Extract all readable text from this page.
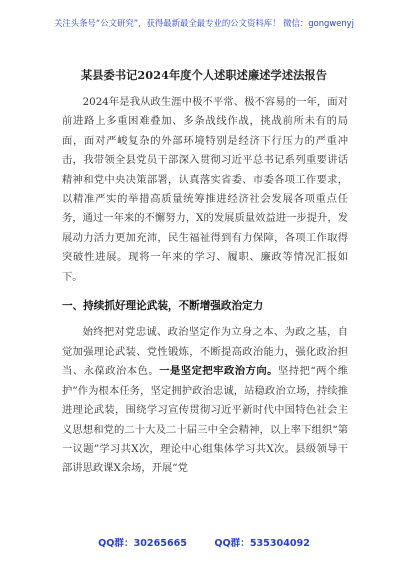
关注头条号“公文研究”，获得最新最全最专业的公文资料库！ 微信：gongwenyj
某县委书记2024年度个人述职述廉述学述法报告

2024年是我从政生涯中极不平常、极不容易的一年，面对前进路上多重困难叠加、多条战线作战，挑战前所未有的局面，面对严峻复杂的外部环境特别是经济下行压力的严重冲击，我带领全县党员干部深入贯彻习近平总书记系列重要讲话精神和党中央决策部署，认真落实省委、市委各项工作要求，以精准严实的举措高质量统筹推进经济社会发展各项重点任务，通过一年来的不懈努力，X的发展质量效益进一步提升，发展动力活力更加充沛，民生福祉得到有力保障，各项工作取得突破性进展。现将一年来的学习、履职、廉政等情况汇报如下。

一、持续抓好理论武装，不断增强政治定力

始终把对党忠诚、政治坚定作为立身之本、为政之基，自觉加强理论武装、党性锻炼，不断提高政治能力，强化政治担当、永葆政治本色。一是坚定把牢政治方向。坚持把“两个维护”作为根本任务，坚定拥护政治忠诚，站稳政治立场，持续推进理论武装，围绕学习宣传贯彻习近平新时代中国特色社会主义思想和党的二十大及二十届三中全会精神，以上率下组织“第一议题”学习共X次，理论中心组集体学习共X次。县级领导干部讲思政课X余场，开展“党

QQ群：30265665	QQ群：535304092
